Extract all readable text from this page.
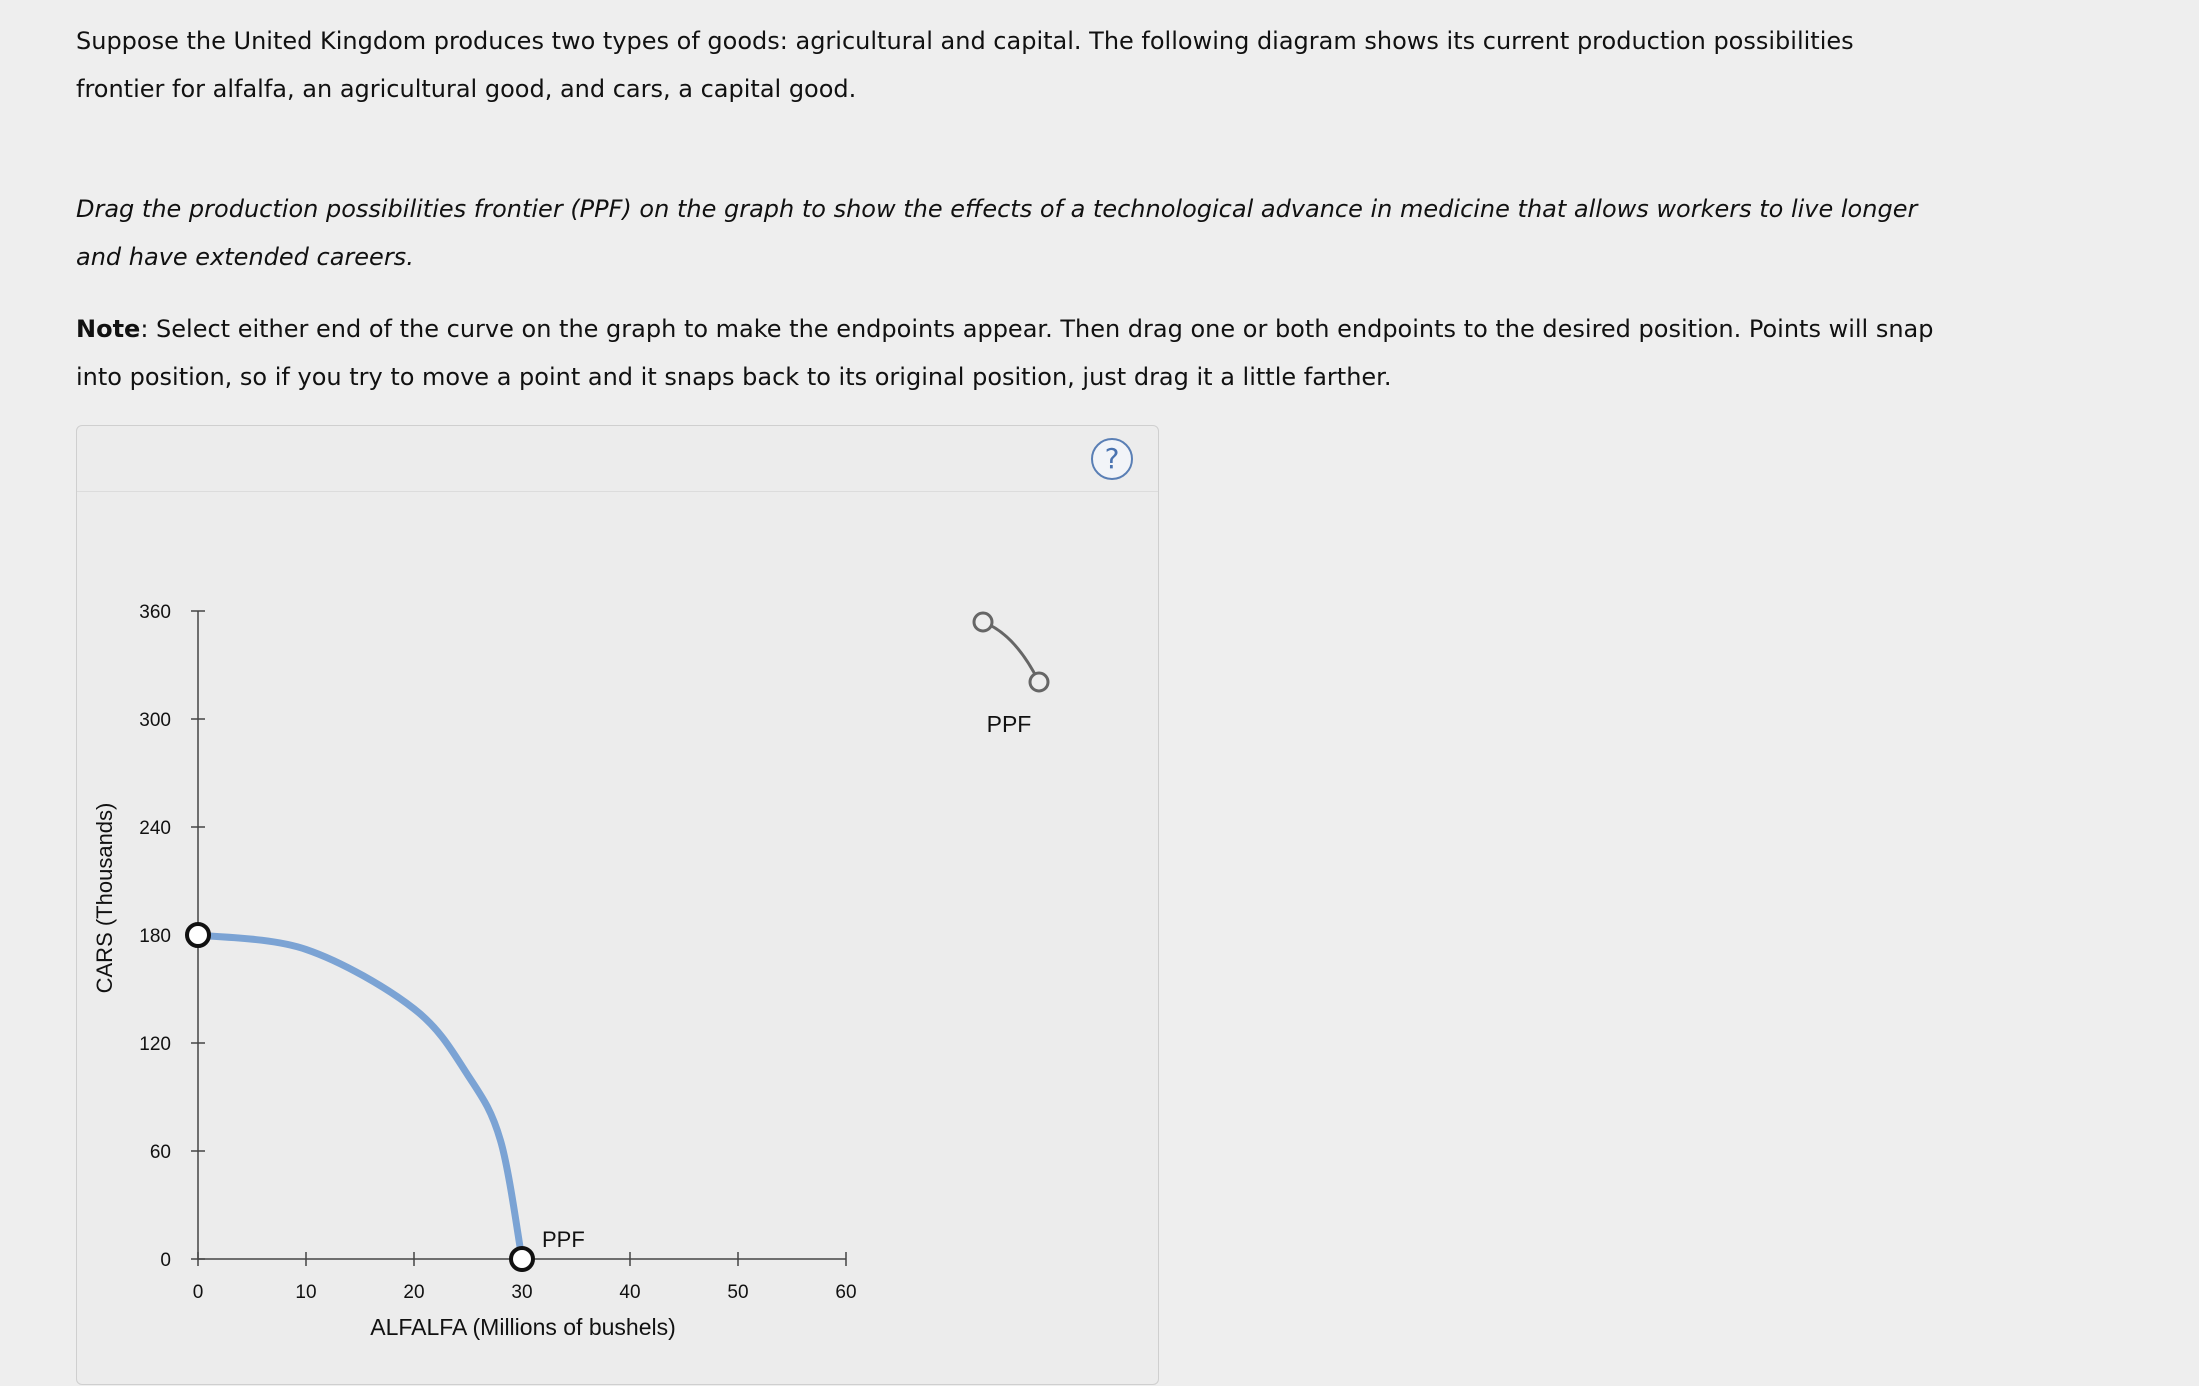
Suppose the United Kingdom produces two types of goods: agricultural and capital. The following diagram shows its current production possibilities frontier for alfalfa, an agricultural good, and cars, a capital good.

Drag the production possibilities frontier (PPF) on the graph to show the effects of a technological advance in medicine that allows workers to live longer and have extended careers.

Note: Select either end of the curve on the graph to make the endpoints appear. Then drag one or both endpoints to the desired position. Points will snap into position, so if you try to move a point and it snaps back to its original position, just drag it a little farther.

?
0	10	20	30	40	50	60
0
60
120
180
240
300
360
PPF
CARS (Thousands)
ALFALFA (Millions of bushels)
PPF
